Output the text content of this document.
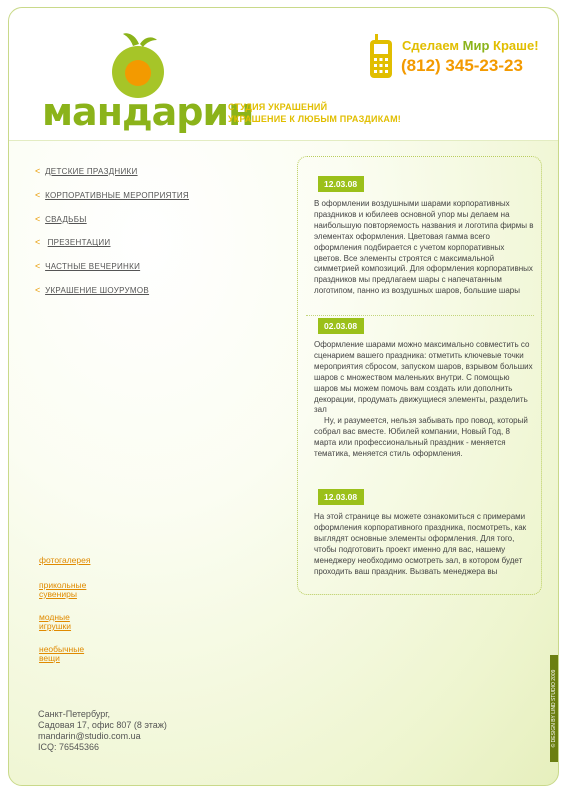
мандарин
СТУДИЯ УКРАШЕНИЙ
УКРАШЕНИЕ К ЛЮБЫМ ПРАЗДИКАМ!
Сделаем Мир Краше!
(812) 345-23-23
< ДЕТСКИЕ ПРАЗДНИКИ
< КОРПОРАТИВНЫЕ МЕРОПРИЯТИЯ
< СВАДЬБЫ
< ПРЕЗЕНТАЦИИ
< ЧАСТНЫЕ ВЕЧЕРИНКИ
< УКРАШЕНИЕ ШОУРУМОВ
фотогалерея
прикольные сувениры
модные игрушки
необычные вещи
Санкт-Петербург,
Садовая 17, офис 807 (8 этаж)
mandarin@studio.com.ua
ICQ: 76545366
12.03.08
В оформлении воздушными шарами корпоративных праздников и юбилеев основной упор мы делаем на наибольшую повторяемость названия и логотипа фирмы в элементах оформления. Цветовая гамма всего оформления подбирается с учетом корпоративных цветов. Все элементы строятся с максимальной симметрией композиций. Для оформления корпоративных праздников мы предлагаем шары с напечатанным логотипом, панно из воздушных шаров, большие шары
02.03.08
Оформление шарами можно максимально совместить со сценарием вашего праздника: отметить ключевые точки мероприятия сбросом, запуском шаров, взрывом больших шаров с множеством маленьких внутри. С помощью шаров мы можем помочь вам создать или дополнить декорации, продумать движущиеся элементы, разделить зал
Ну, и разумеется, нельзя забывать про повод, который собрал вас вместе. Юбилей компании, Новый Год, 8 марта или профессиональный праздник - меняется тематика, меняется стиль оформления.
12.03.08
На этой странице вы можете ознакомиться с примерами оформления корпоративного праздника, посмотреть, как выглядят основные элементы оформления. Для того, чтобы подготовить проект именно для вас, нашему менеджеру необходимо осмотреть зал, в котором будет проходить ваш праздник. Вызвать менеджера вы
© DESIGN BY LIND STUDIO 2009
